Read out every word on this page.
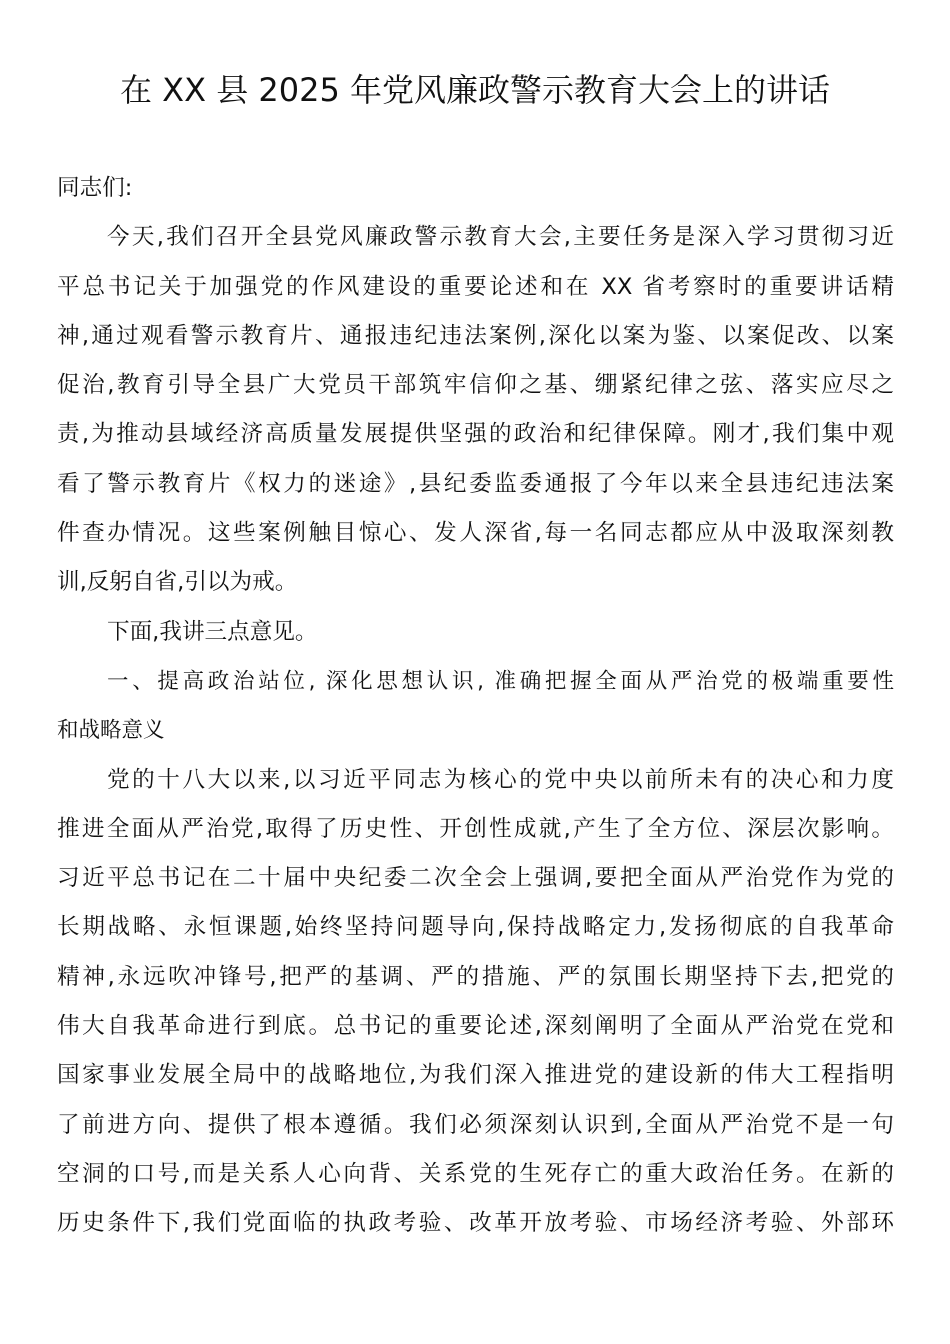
在 XX 县 2025 年党风廉政警示教育大会上的讲话
同志们:
今天,我们召开全县党风廉政警示教育大会,主要任务是深入学习贯彻习近
平总书记关于加强党的作风建设的重要论述和在 XX 省考察时的重要讲话精
神,通过观看警示教育片、通报违纪违法案例,深化以案为鉴、以案促改、以案
促治,教育引导全县广大党员干部筑牢信仰之基、绷紧纪律之弦、落实应尽之
责,为推动县域经济高质量发展提供坚强的政治和纪律保障。刚才,我们集中观
看了警示教育片《权力的迷途》,县纪委监委通报了今年以来全县违纪违法案
件查办情况。这些案例触目惊心、发人深省,每一名同志都应从中汲取深刻教
训,反躬自省,引以为戒。
下面,我讲三点意见。
一、提高政治站位, 深化思想认识, 准确把握全面从严治党的极端重要性
和战略意义
党的十八大以来,以习近平同志为核心的党中央以前所未有的决心和力度
推进全面从严治党,取得了历史性、开创性成就,产生了全方位、深层次影响。
习近平总书记在二十届中央纪委二次全会上强调,要把全面从严治党作为党的
长期战略、永恒课题,始终坚持问题导向,保持战略定力,发扬彻底的自我革命
精神,永远吹冲锋号,把严的基调、严的措施、严的氛围长期坚持下去,把党的
伟大自我革命进行到底。总书记的重要论述,深刻阐明了全面从严治党在党和
国家事业发展全局中的战略地位,为我们深入推进党的建设新的伟大工程指明
了前进方向、提供了根本遵循。我们必须深刻认识到,全面从严治党不是一句
空洞的口号,而是关系人心向背、关系党的生死存亡的重大政治任务。在新的
历史条件下,我们党面临的执政考验、改革开放考验、市场经济考验、外部环
